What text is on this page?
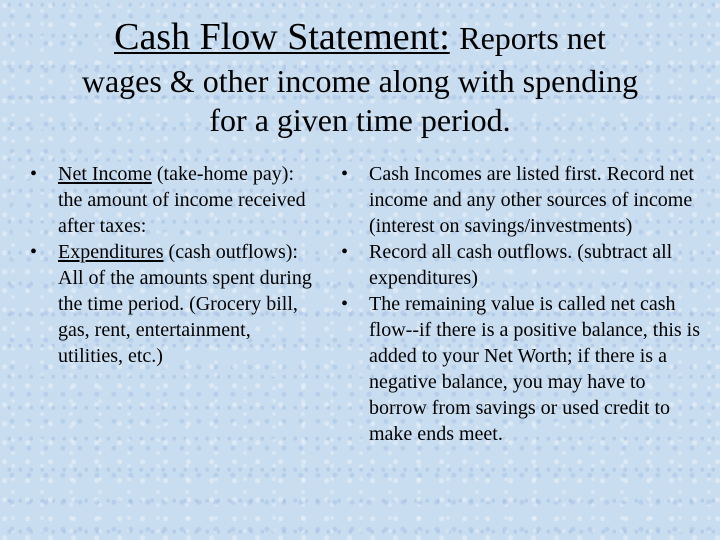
Cash Flow Statement: Reports net
wages & other income along with spending
for a given time period.
•	Net Income (take-home pay): the amount of income received after taxes:
•	Expenditures (cash outflows): All of the amounts spent during the time period. (Grocery bill, gas, rent, entertainment, utilities, etc.)
•	Cash Incomes are listed first. Record net income and any other sources of income (interest on savings/investments)
•	Record all cash outflows. (subtract all expenditures)
•	The remaining value is called net cash flow--if there is a positive balance, this is added to your Net Worth; if there is a negative balance, you may have to borrow from savings or used credit to make ends meet.
